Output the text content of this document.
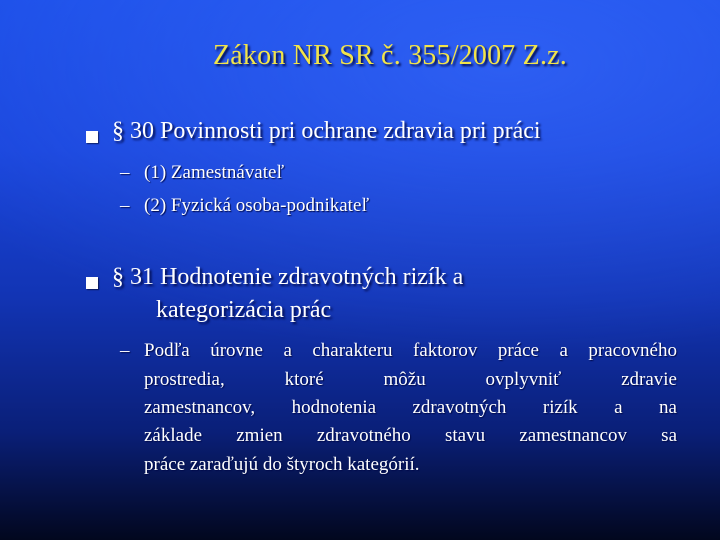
Zákon NR SR č. 355/2007 Z.z.
§ 30 Povinnosti pri ochrane zdravia pri práci
– (1) Zamestnávateľ
– (2) Fyzická osoba-podnikateľ
§ 31 Hodnotenie zdravotných rizík a
kategorizácia prác
– Podľa úrovne a charakteru faktorov práce a pracovného
prostredia, ktoré môžu ovplyvniť zdravie
zamestnancov, hodnotenia zdravotných rizík a na
základe zmien zdravotného stavu zamestnancov sa
práce zaraďujú do štyroch kategórií.
